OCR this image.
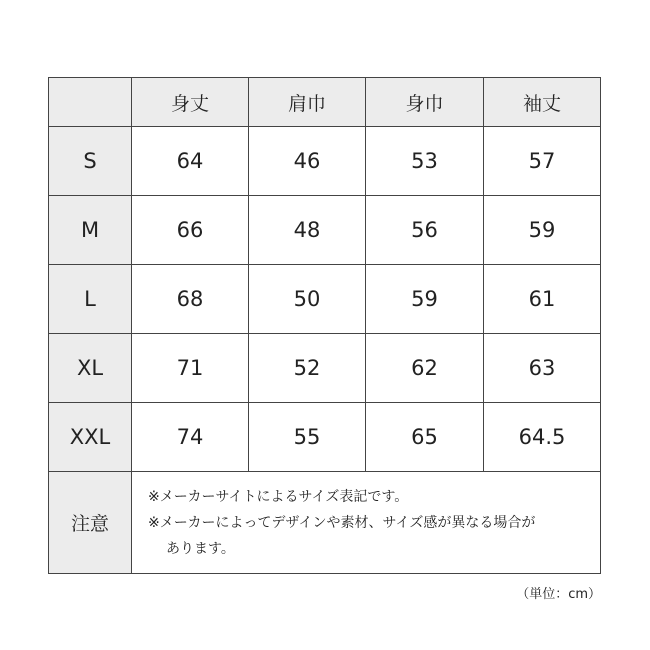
	身丈	肩巾	身巾	袖丈
S	64	46	53	57
M	66	48	56	59
L	68	50	59	61
XL	71	52	62	63
XXL	74	55	65	64.5
注意	※メーカーサイトによるサイズ表記です。
※メーカーによってデザインや素材、サイズ感が異なる場合が
あります。			
（単位：cm）
